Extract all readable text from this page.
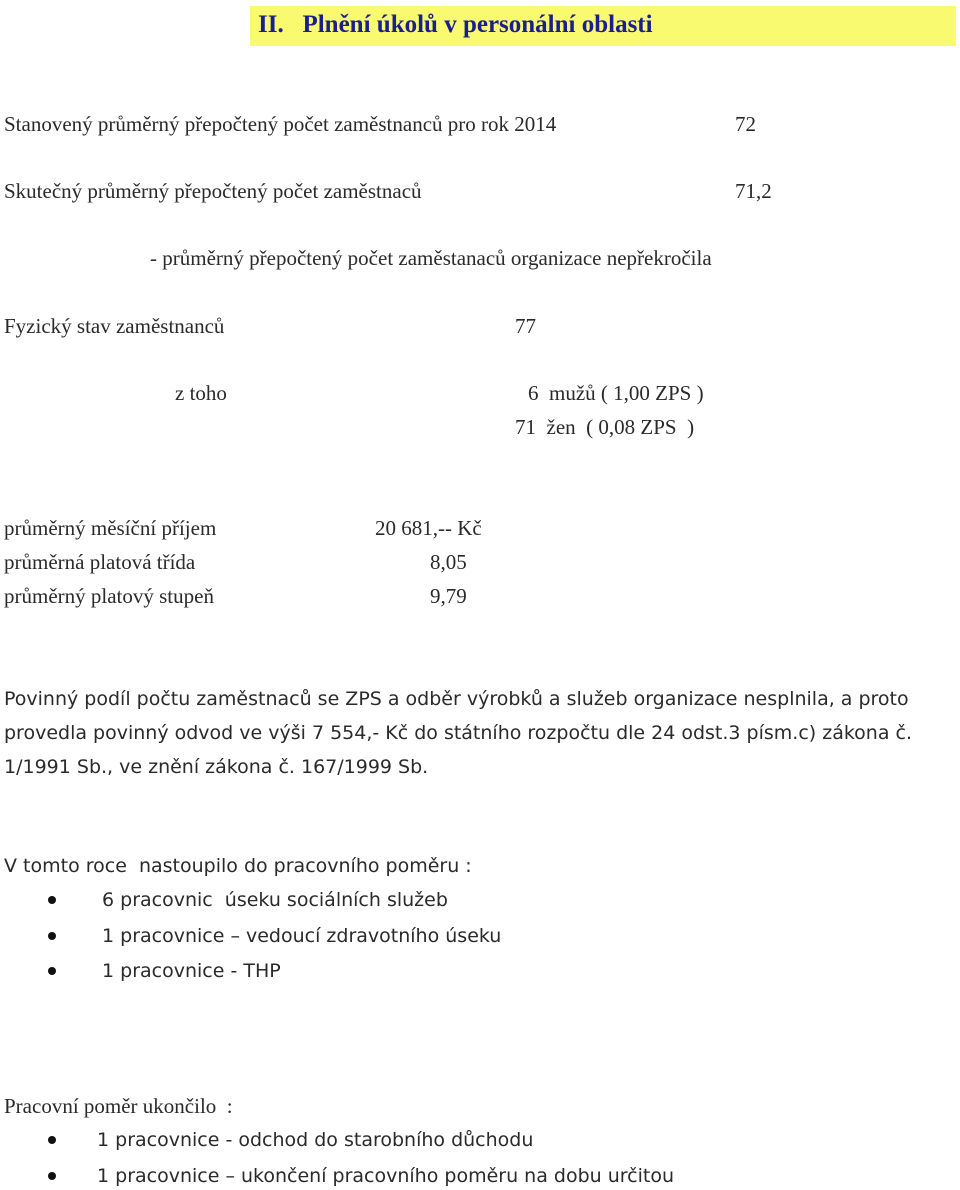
II. Plnění úkolů v personální oblasti
Stanovený průměrný přepočtený počet zaměstnanců pro rok 2014	72
Skutečný průměrný přepočtený počet zaměstnaců	71,2
- průměrný přepočtený počet zaměstanaců organizace nepřekročila
Fyzický stav zaměstnanců	77
z toho	6  mužů ( 1,00 ZPS )
71  žen  ( 0,08 ZPS  )
průměrný měsíční příjem	20 681,-- Kč
průměrná platová třída	8,05
průměrný platový stupeň	9,79
Povinný podíl počtu zaměstnaců se ZPS a odběr výrobků a služeb organizace nesplnila, a proto provedla povinný odvod ve výši 7 554,- Kč do státního rozpočtu dle 24 odst.3 písm.c) zákona č. 1/1991 Sb., ve znění zákona č. 167/1999 Sb.
V tomto roce  nastoupilo do pracovního poměru :
6 pracovnic  úseku sociálních služeb
1 pracovnice – vedoucí zdravotního úseku
1 pracovnice - THP
Pracovní poměr ukončilo  :
1 pracovnice - odchod do starobního důchodu
1 pracovnice – ukončení pracovního poměru na dobu určitou
